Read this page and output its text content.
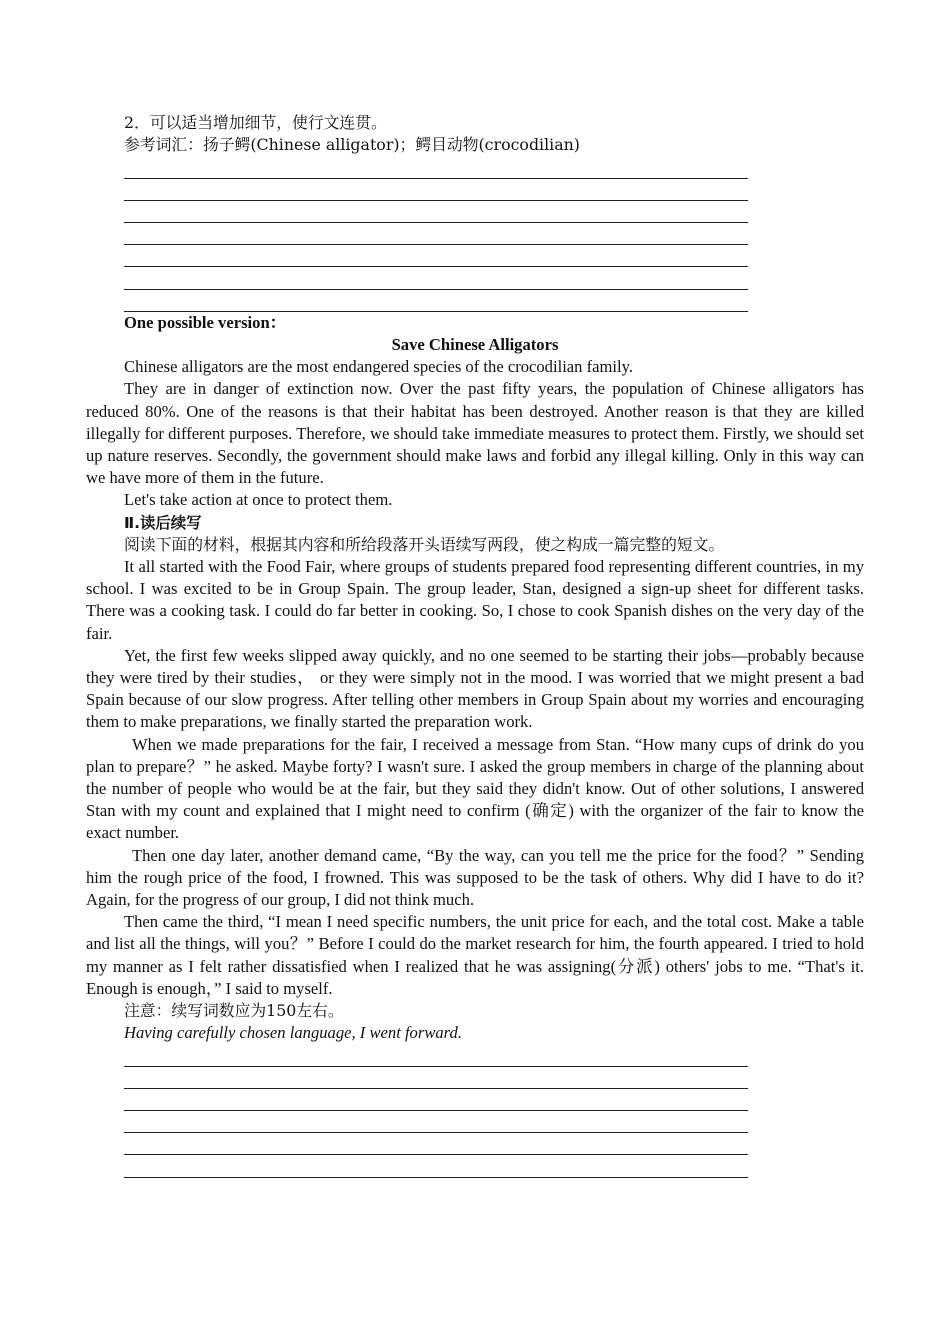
2．可以适当增加细节，使行文连贯。

参考词汇：扬子鳄(Chinese alligator)；鳄目动物(crocodilian)

One possible version：

Save Chinese Alligators

Chinese alligators are the most endangered species of the crocodilian family.

They are in danger of extinction now. Over the past fifty years, the population of Chinese alligators has reduced 80%. One of the reasons is that their habitat has been destroyed. Another reason is that they are killed illegally for different purposes. Therefore, we should take immediate measures to protect them. Firstly, we should set up nature reserves. Secondly, the government should make laws and forbid any illegal killing. Only in this way can we have more of them in the future.

Let's take action at once to protect them.

Ⅱ.读后续写

阅读下面的材料，根据其内容和所给段落开头语续写两段，使之构成一篇完整的短文。

It all started with the Food Fair, where groups of students prepared food representing different countries, in my school. I was excited to be in Group Spain. The group leader, Stan, designed a sign-up sheet for different tasks. There was a cooking task. I could do far better in cooking. So, I chose to cook Spanish dishes on the very day of the fair.

Yet, the first few weeks slipped away quickly, and no one seemed to be starting their jobs—probably because they were tired by their studies， or they were simply not in the mood. I was worried that we might present a bad Spain because of our slow progress. After telling other members in Group Spain about my worries and encouraging them to make preparations, we finally started the preparation work.

When we made preparations for the fair, I received a message from Stan. “How many cups of drink do you plan to prepare？” he asked. Maybe forty? I wasn't sure. I asked the group members in charge of the planning about the number of people who would be at the fair, but they said they didn't know. Out of other solutions, I answered Stan with my count and explained that I might need to confirm (确定) with the organizer of the fair to know the exact number.

Then one day later, another demand came, “By the way, can you tell me the price for the food？” Sending him the rough price of the food, I frowned. This was supposed to be the task of others. Why did I have to do it? Again, for the progress of our group, I did not think much.

Then came the third, “I mean I need specific numbers, the unit price for each, and the total cost. Make a table and list all the things, will you？” Before I could do the market research for him, the fourth appeared. I tried to hold my manner as I felt rather dissatisfied when I realized that he was assigning(分派) others' jobs to me. “That's it. Enough is enough，” I said to myself.

注意：续写词数应为150左右。

Having carefully chosen language, I went forward.
